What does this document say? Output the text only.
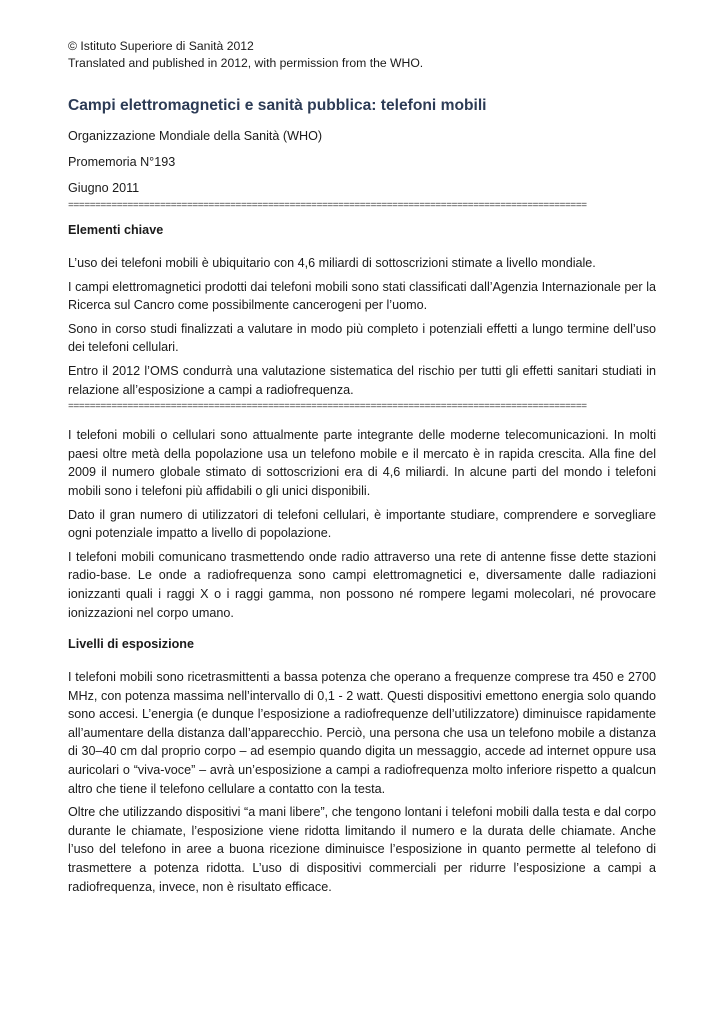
© Istituto Superiore di Sanità 2012
Translated and published in 2012, with permission from the WHO.
Campi elettromagnetici e sanità pubblica: telefoni mobili
Organizzazione Mondiale della Sanità (WHO)
Promemoria N°193
Giugno 2011
================================================================================================
Elementi chiave

L’uso dei telefoni mobili è ubiquitario con 4,6 miliardi di sottoscrizioni stimate a livello mondiale.

I campi elettromagnetici prodotti dai telefoni mobili sono stati classificati dall’Agenzia Internazionale per la Ricerca sul Cancro come possibilmente cancerogeni per l’uomo.

Sono in corso studi finalizzati a valutare in modo più completo i potenziali effetti a lungo termine dell’uso dei telefoni cellulari.

Entro il 2012 l’OMS condurrà una valutazione sistematica del rischio per tutti gli effetti sanitari studiati in relazione all’esposizione a campi a radiofrequenza.

================================================================================================

I telefoni mobili o cellulari sono attualmente parte integrante delle moderne telecomunicazioni. In molti paesi oltre metà della popolazione usa un telefono mobile e il mercato è in rapida crescita. Alla fine del 2009 il numero globale stimato di sottoscrizioni era di 4,6 miliardi. In alcune parti del mondo i telefoni mobili sono i telefoni più affidabili o gli unici disponibili.

Dato il gran numero di utilizzatori di telefoni cellulari, è importante studiare, comprendere e sorvegliare ogni potenziale impatto a livello di popolazione.

I telefoni mobili comunicano trasmettendo onde radio attraverso una rete di antenne fisse dette stazioni radio-base. Le onde a radiofrequenza sono campi elettromagnetici e, diversamente dalle radiazioni ionizzanti quali i raggi X o i raggi gamma, non possono né rompere legami molecolari, né provocare ionizzazioni nel corpo umano.

Livelli di esposizione

I telefoni mobili sono ricetrasmittenti a bassa potenza che operano a frequenze comprese tra 450 e 2700 MHz, con potenza massima nell’intervallo di 0,1 - 2 watt. Questi dispositivi emettono energia solo quando sono accesi. L’energia (e dunque l’esposizione a radiofrequenze dell’utilizzatore) diminuisce rapidamente all’aumentare della distanza dall’apparecchio. Perciò, una persona che usa un telefono mobile a distanza di 30–40 cm dal proprio corpo – ad esempio quando digita un messaggio, accede ad internet oppure usa auricolari o “viva-voce” – avrà un’esposizione a campi a radiofrequenza molto inferiore rispetto a qualcun altro che tiene il telefono cellulare a contatto con la testa.

Oltre che utilizzando dispositivi “a mani libere”, che tengono lontani i telefoni mobili dalla testa e dal corpo durante le chiamate, l’esposizione viene ridotta limitando il numero e la durata delle chiamate. Anche l’uso del telefono in aree a buona ricezione diminuisce l’esposizione in quanto permette al telefono di trasmettere a potenza ridotta. L’uso di dispositivi commerciali per ridurre l’esposizione a campi a radiofrequenza, invece, non è risultato efficace.
